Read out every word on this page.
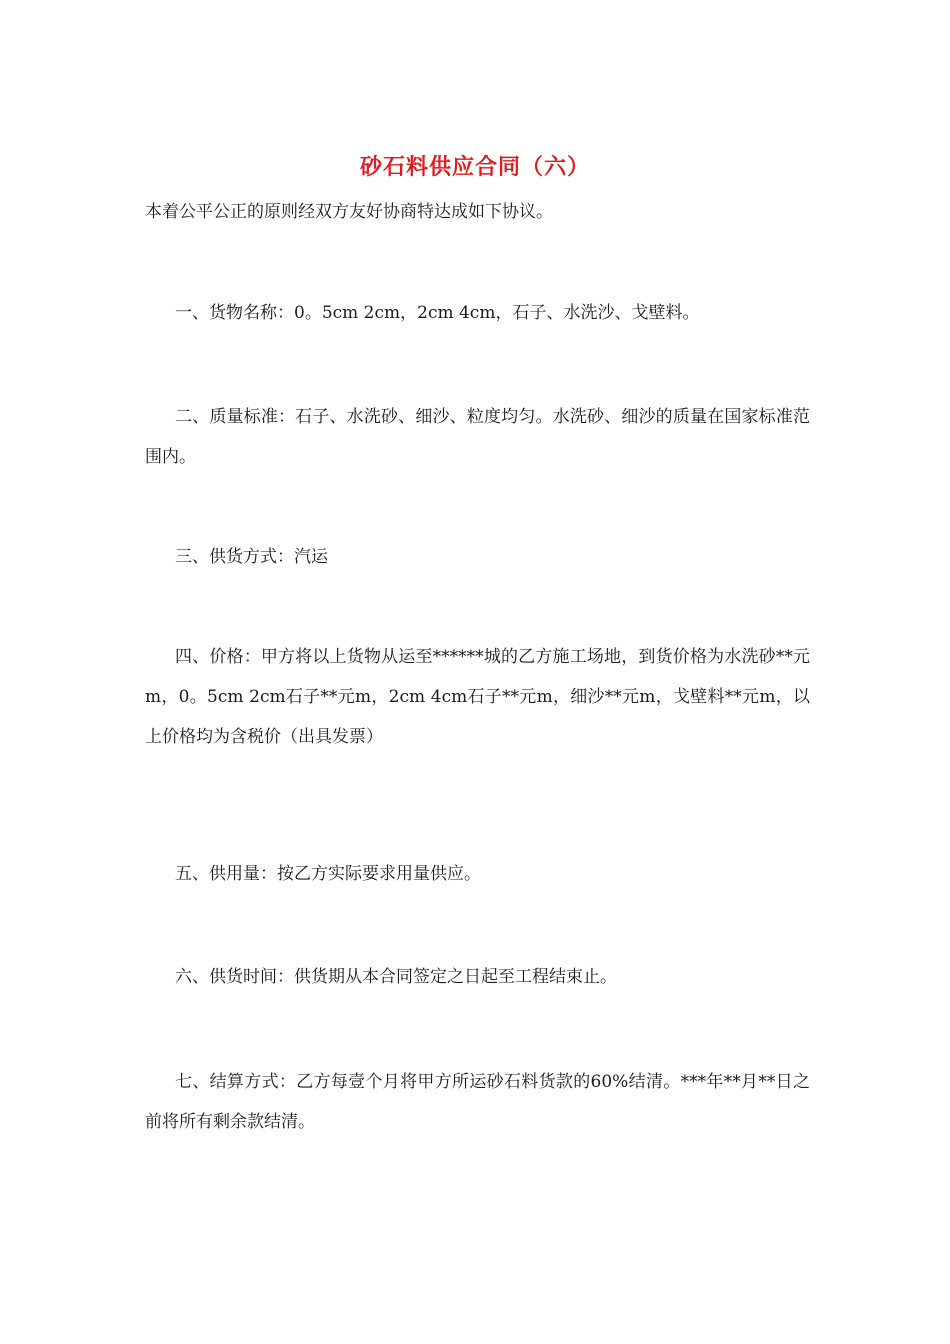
砂石料供应合同（六）
本着公平公正的原则经双方友好协商特达成如下协议。
一、货物名称：0。5cm 2cm，2cm 4cm，石子、水洗沙、戈壁料。
二、质量标准：石子、水洗砂、细沙、粒度均匀。水洗砂、细沙的质量在国家标准范围内。
三、供货方式：汽运
四、价格：甲方将以上货物从运至******城的乙方施工场地，到货价格为水洗砂**元m，0。5cm 2cm石子**元m，2cm 4cm石子**元m，细沙**元m，戈壁料**元m，以上价格均为含税价（出具发票）
五、供用量：按乙方实际要求用量供应。
六、供货时间：供货期从本合同签定之日起至工程结束止。
七、结算方式：乙方每壹个月将甲方所运砂石料货款的60%结清。***年**月**日之前将所有剩余款结清。
